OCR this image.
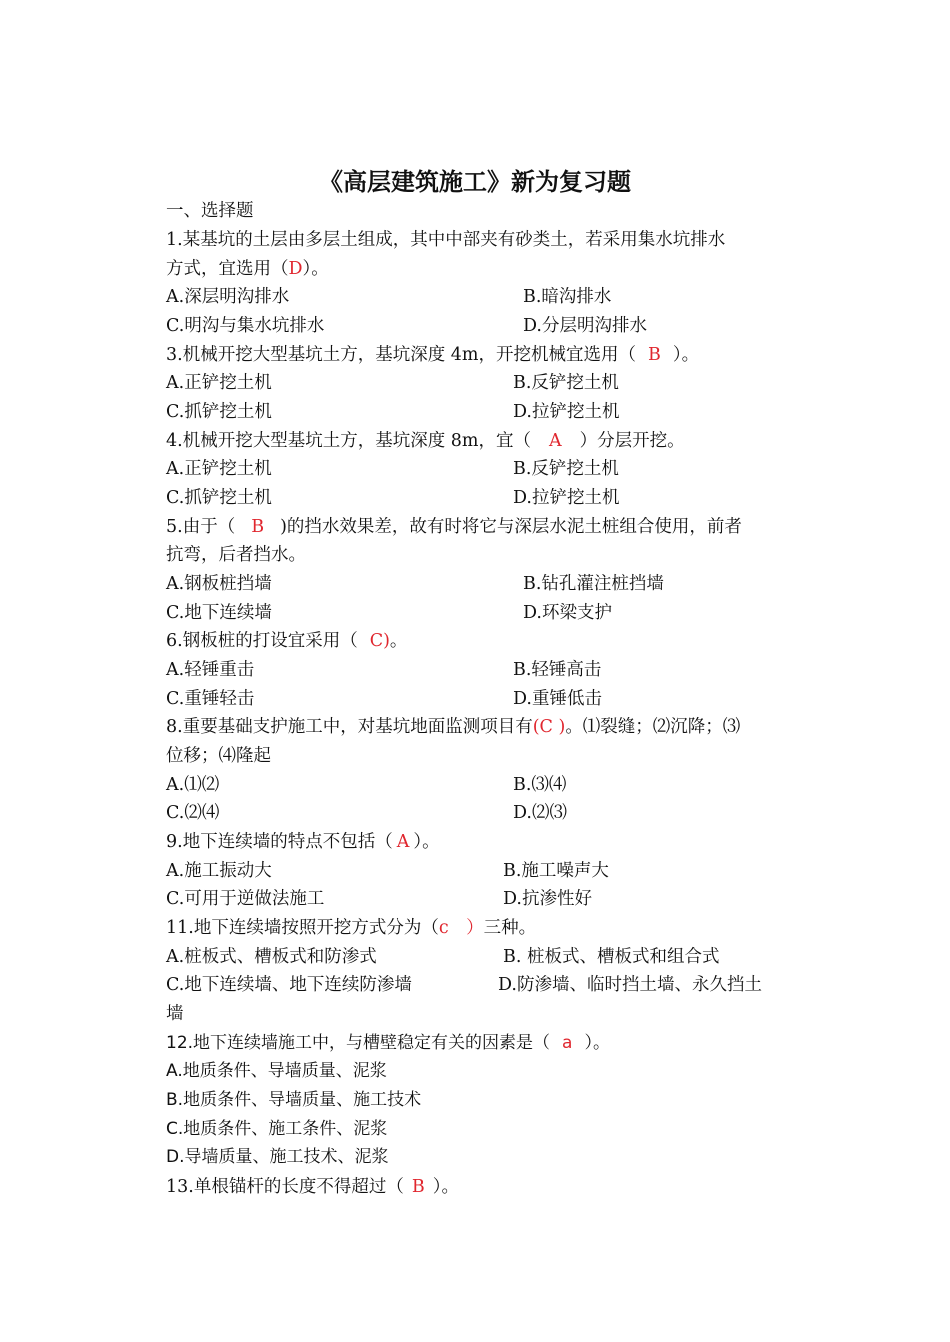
《高层建筑施工》新为复习题
一、选择题
1.某基坑的土层由多层土组成，其中中部夹有砂类土，若采用集水坑排水
方式，宜选用（D）。
A.深层明沟排水	B.暗沟排水
C.明沟与集水坑排水	D.分层明沟排水
3.机械开挖大型基坑土方，基坑深度 4m，开挖机械宜选用（ B ）。
A.正铲挖土机	B.反铲挖土机
C.抓铲挖土机	D.拉铲挖土机
4.机械开挖大型基坑土方，基坑深度 8m，宜（ A ）分层开挖。
A.正铲挖土机	B.反铲挖土机
C.抓铲挖土机	D.拉铲挖土机
5.由于（ B )的挡水效果差，故有时将它与深层水泥土桩组合使用，前者
抗弯，后者挡水。
A.钢板桩挡墙	B.钻孔灌注桩挡墙
C.地下连续墙	D.环梁支护
6.钢板桩的打设宜采用（ C)。
A.轻锤重击	B.轻锤高击
C.重锤轻击	D.重锤低击
8.重要基础支护施工中，对基坑地面监测项目有(C )。⑴裂缝；⑵沉降；⑶
位移；⑷隆起
A.⑴⑵	B.⑶⑷
C.⑵⑷	D.⑵⑶
9.地下连续墙的特点不包括（ A ）。
A.施工振动大	B.施工噪声大
C.可用于逆做法施工	D.抗渗性好
11.地下连续墙按照开挖方式分为（c　）三种。
A.桩板式、槽板式和防渗式	B. 桩板式、槽板式和组合式
C.地下连续墙、地下连续防渗墙	D.防渗墙、临时挡土墙、永久挡土
墙
12.地下连续墙施工中，与槽壁稳定有关的因素是（ a ）。
A.地质条件、导墙质量、泥浆
B.地质条件、导墙质量、施工技术
C.地质条件、施工条件、泥浆
D.导墙质量、施工技术、泥浆
13.单根锚杆的长度不得超过（ B ）。
